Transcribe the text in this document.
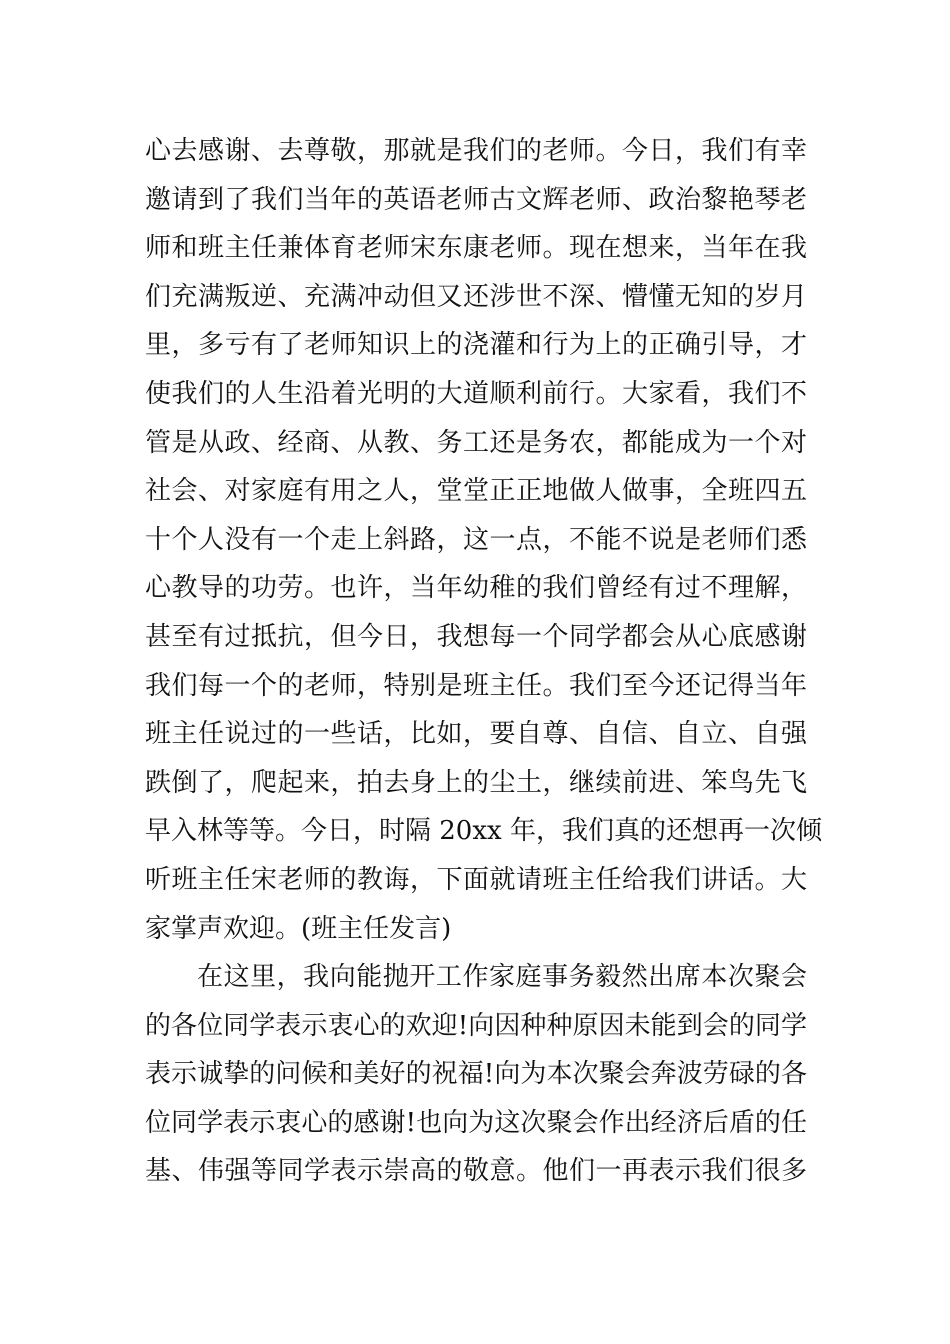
心去感谢、去尊敬，那就是我们的老师。今日，我们有幸
邀请到了我们当年的英语老师古文辉老师、政治黎艳琴老
师和班主任兼体育老师宋东康老师。现在想来，当年在我
们充满叛逆、充满冲动但又还涉世不深、懵懂无知的岁月
里，多亏有了老师知识上的浇灌和行为上的正确引导，才
使我们的人生沿着光明的大道顺利前行。大家看，我们不
管是从政、经商、从教、务工还是务农，都能成为一个对
社会、对家庭有用之人，堂堂正正地做人做事，全班四五
十个人没有一个走上斜路，这一点，不能不说是老师们悉
心教导的功劳。也许，当年幼稚的我们曾经有过不理解，
甚至有过抵抗，但今日，我想每一个同学都会从心底感谢
我们每一个的老师，特别是班主任。我们至今还记得当年
班主任说过的一些话，比如，要自尊、自信、自立、自强
跌倒了，爬起来，拍去身上的尘土，继续前进、笨鸟先飞
早入林等等。今日，时隔 20xx 年，我们真的还想再一次倾
听班主任宋老师的教诲，下面就请班主任给我们讲话。大
家掌声欢迎。(班主任发言)
在这里，我向能抛开工作家庭事务毅然出席本次聚会
的各位同学表示衷心的欢迎!向因种种原因未能到会的同学
表示诚挚的问候和美好的祝福!向为本次聚会奔波劳碌的各
位同学表示衷心的感谢!也向为这次聚会作出经济后盾的任
基、伟强等同学表示崇高的敬意。他们一再表示我们很多
